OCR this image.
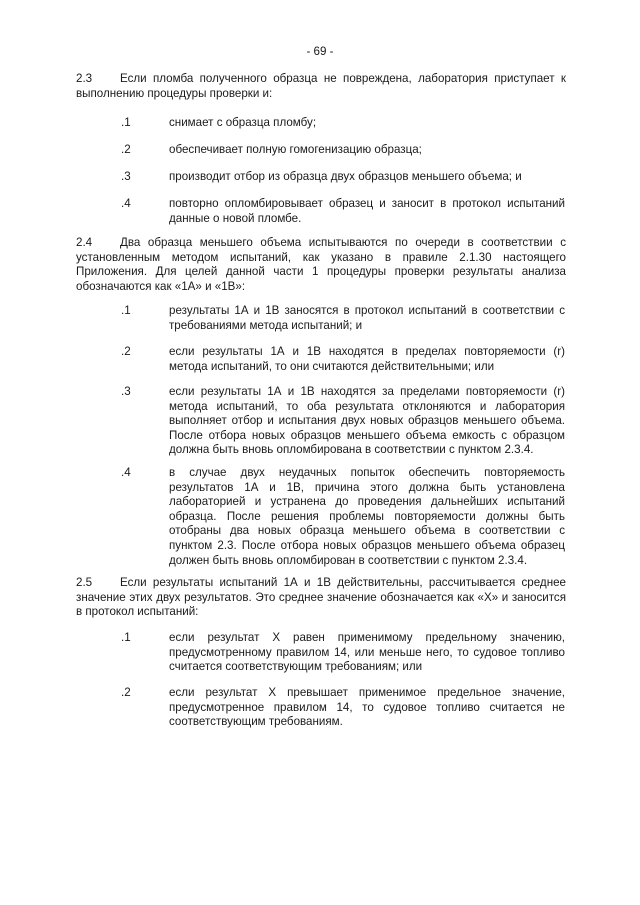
- 69 -

2.3 Если пломба полученного образца не повреждена, лаборатория приступает к выполнению процедуры проверки и:

.1	снимает с образца пломбу;

.2	обеспечивает полную гомогенизацию образца;

.3	производит отбор из образца двух образцов меньшего объема; и

.4	повторно опломбировывает образец и заносит в протокол испытаний данные о новой пломбе.

2.4 Два образца меньшего объема испытываются по очереди в соответствии с установленным методом испытаний, как указано в правиле 2.1.30 настоящего Приложения. Для целей данной части 1 процедуры проверки результаты анализа обозначаются как «1А» и «1В»:

.1	результаты 1А и 1В заносятся в протокол испытаний в соответствии с требованиями метода испытаний; и

.2	если результаты 1А и 1В находятся в пределах повторяемости (r) метода испытаний, то они считаются действительными; или

.3	если результаты 1А и 1В находятся за пределами повторяемости (r) метода испытаний, то оба результата отклоняются и лаборатория выполняет отбор и испытания двух новых образцов меньшего объема. После отбора новых образцов меньшего объема емкость с образцом должна быть вновь опломбирована в соответствии с пунктом 2.3.4.

.4	в случае двух неудачных попыток обеспечить повторяемость результатов 1А и 1В, причина этого должна быть установлена лабораторией и устранена до проведения дальнейших испытаний образца. После решения проблемы повторяемости должны быть отобраны два новых образца меньшего объема в соответствии с пунктом 2.3. После отбора новых образцов меньшего объема образец должен быть вновь опломбирован в соответствии с пунктом 2.3.4.

2.5 Если результаты испытаний 1А и 1В действительны, рассчитывается среднее значение этих двух результатов. Это среднее значение обозначается как «X» и заносится в протокол испытаний:

.1	если результат X равен применимому предельному значению, предусмотренному правилом 14, или меньше него, то судовое топливо считается соответствующим требованиям; или

.2	если результат X превышает применимое предельное значение, предусмотренное правилом 14, то судовое топливо считается не соответствующим требованиям.
